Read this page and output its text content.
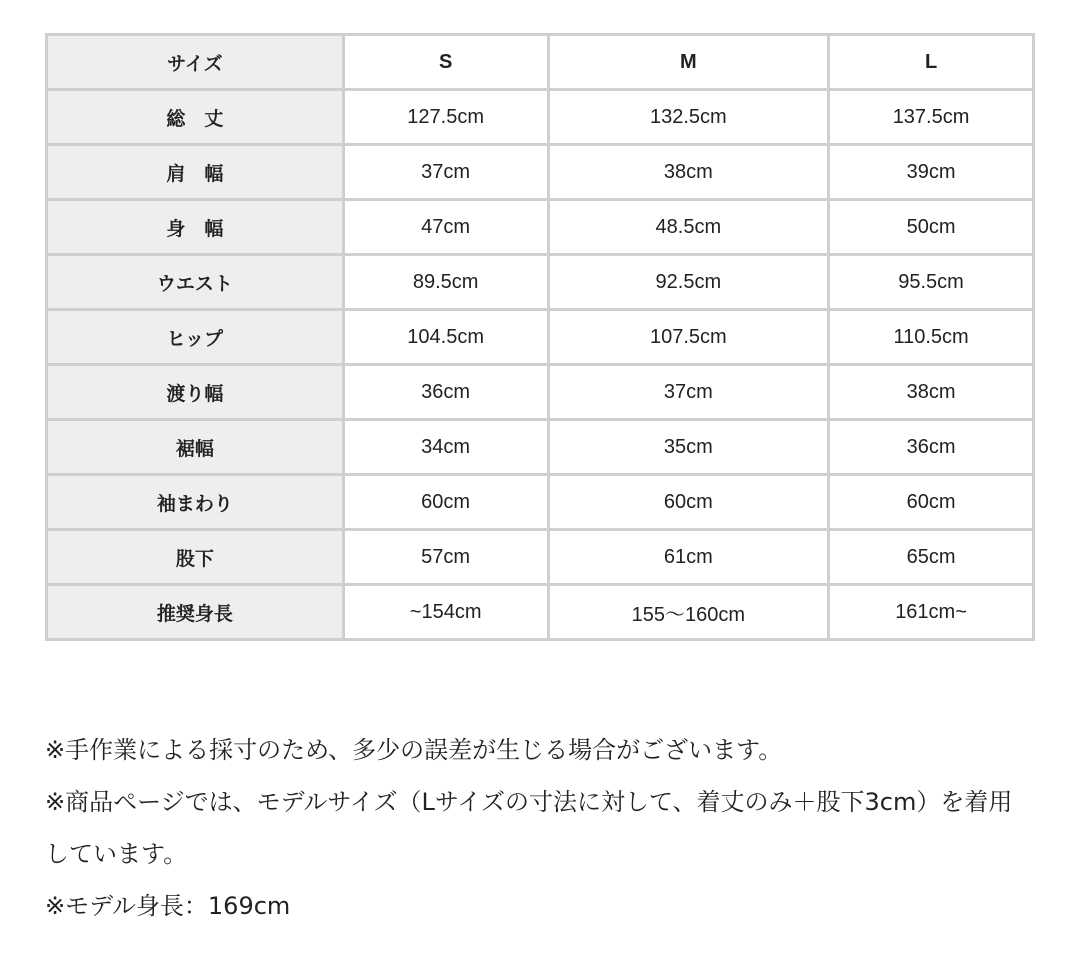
サイズ	S	M	L
総　丈	127.5cm	132.5cm	137.5cm
肩　幅	37cm	38cm	39cm
身　幅	47cm	48.5cm	50cm
ウエスト	89.5cm	92.5cm	95.5cm
ヒップ	104.5cm	107.5cm	110.5cm
渡り幅	36cm	37cm	38cm
裾幅	34cm	35cm	36cm
袖まわり	60cm	60cm	60cm
股下	57cm	61cm	65cm
推奨身長	~154cm	155〜160cm	161cm~

※手作業による採寸のため、多少の誤差が生じる場合がございます。

※商品ページでは、モデルサイズ（Lサイズの寸法に対して、着丈のみ＋股下3cm）を着用しています。

※モデル身長：169cm
